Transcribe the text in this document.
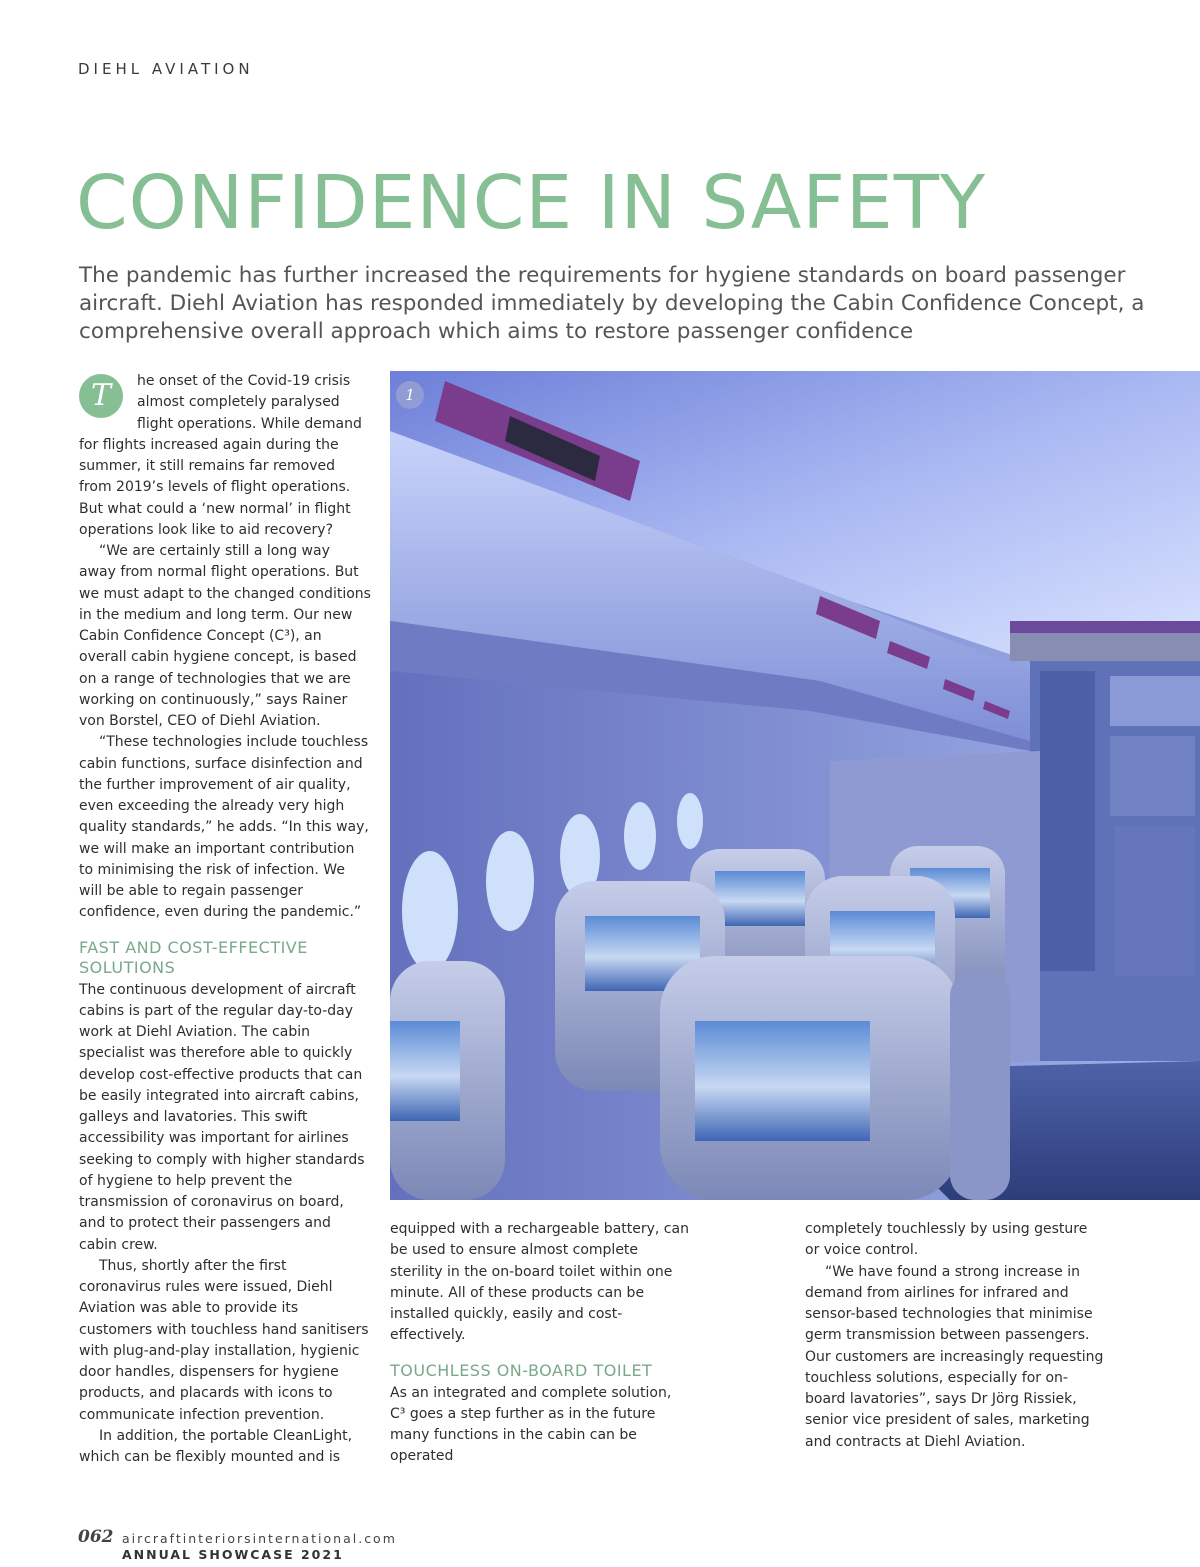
DIEHL AVIATION
CONFIDENCE IN SAFETY

The pandemic has further increased the requirements for hygiene standards on board passenger aircraft. Diehl Aviation has responded immediately by developing the Cabin Confidence Concept, a comprehensive overall approach which aims to restore passenger confidence

T	he onset of the Covid-19 crisis almost completely paralysed flight operations. While demand for flights increased again during the summer, it still remains far removed from 2019’s levels of flight operations. But what could a ‘new normal’ in flight operations look like to aid recovery?

“We are certainly still a long way away from normal flight operations. But we must adapt to the changed conditions in the medium and long term. Our new Cabin Confidence Concept (C³), an overall cabin hygiene concept, is based on a range of technologies that we are working on continuously,” says Rainer von Borstel, CEO of Diehl Aviation.

“These technologies include touchless cabin functions, surface disinfection and the further improvement of air quality, even exceeding the already very high quality standards,” he adds. “In this way, we will make an important contribution to minimising the risk of infection. We will be able to regain passenger confidence, even during the pandemic.”

FAST AND COST-EFFECTIVE SOLUTIONS

The continuous development of aircraft cabins is part of the regular day-to-day work at Diehl Aviation. The cabin specialist was therefore able to quickly develop cost-effective products that can be easily integrated into aircraft cabins, galleys and lavatories. This swift accessibility was important for airlines seeking to comply with higher standards of hygiene to help prevent the transmission of coronavirus on board, and to protect their passengers and cabin crew.

Thus, shortly after the first coronavirus rules were issued, Diehl Aviation was able to provide its customers with touchless hand sanitisers with plug-and-play installation, hygienic door handles, dispensers for hygiene products, and placards with icons to communicate infection prevention.

In addition, the portable CleanLight, which can be flexibly mounted and is

1

equipped with a rechargeable battery, can be used to ensure almost complete sterility in the on-board toilet within one minute. All of these products can be installed quickly, easily and cost-effectively.

TOUCHLESS ON-BOARD TOILET

As an integrated and complete solution, C³ goes a step further as in the future many functions in the cabin can be operated

completely touchlessly by using gesture or voice control.

“We have found a strong increase in demand from airlines for infrared and sensor-based technologies that minimise germ transmission between passengers. Our customers are increasingly requesting touchless solutions, especially for on-board lavatories”, says Dr Jörg Rissiek, senior vice president of sales, marketing and contracts at Diehl Aviation.

062 aircraftinteriorsinternational.com
ANNUAL SHOWCASE 2021
